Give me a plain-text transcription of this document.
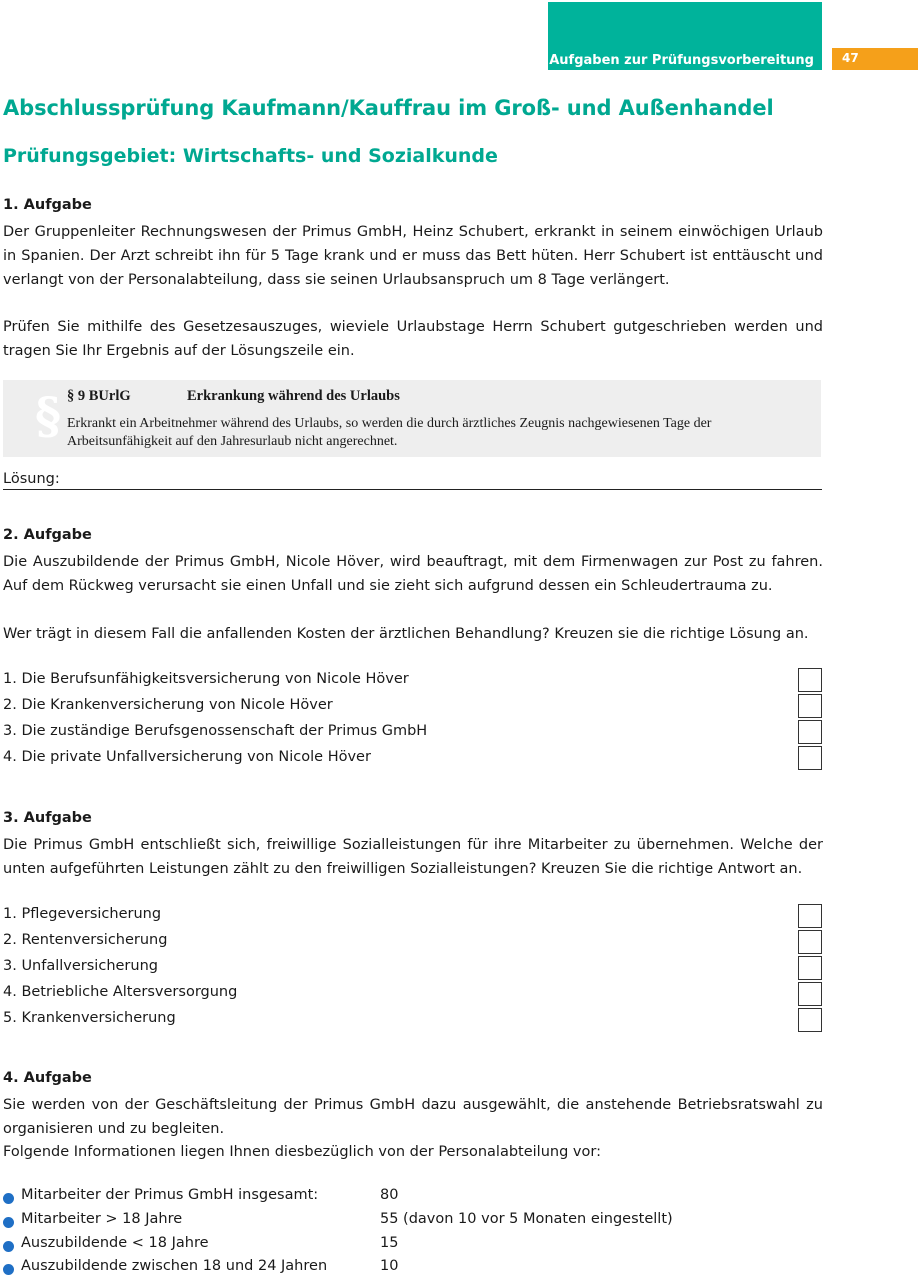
Aufgaben zur Prüfungsvorbereitung	47
Abschlussprüfung Kaufmann/Kauffrau im Groß- und Außenhandel
Prüfungsgebiet: Wirtschafts- und Sozialkunde
1. Aufgabe
Der Gruppenleiter Rechnungswesen der Primus GmbH, Heinz Schubert, erkrankt in seinem einwöchigen Urlaub in Spanien. Der Arzt schreibt ihn für 5 Tage krank und er muss das Bett hüten. Herr Schubert ist enttäuscht und verlangt von der Personalabteilung, dass sie seinen Urlaubsanspruch um 8 Tage verlängert.
Prüfen Sie mithilfe des Gesetzesauszuges, wieviele Urlaubstage Herrn Schubert gutgeschrieben werden und tragen Sie Ihr Ergebnis auf der Lösungszeile ein.
§ § 9 BUrlG	Erkrankung während des Urlaubs
Erkrankt ein Arbeitnehmer während des Urlaubs, so werden die durch ärztliches Zeugnis nachgewiesenen Tage der Arbeitsunfähigkeit auf den Jahresurlaub nicht angerechnet.
Lösung:
2. Aufgabe
Die Auszubildende der Primus GmbH, Nicole Höver, wird beauftragt, mit dem Firmenwagen zur Post zu fahren. Auf dem Rückweg verursacht sie einen Unfall und sie zieht sich aufgrund dessen ein Schleudertrauma zu.
Wer trägt in diesem Fall die anfallenden Kosten der ärztlichen Behandlung? Kreuzen sie die richtige Lösung an.
1. Die Berufsunfähigkeitsversicherung von Nicole Höver
2. Die Krankenversicherung von Nicole Höver
3. Die zuständige Berufsgenossenschaft der Primus GmbH
4. Die private Unfallversicherung von Nicole Höver
3. Aufgabe
Die Primus GmbH entschließt sich, freiwillige Sozialleistungen für ihre Mitarbeiter zu übernehmen. Welche der unten aufgeführten Leistungen zählt zu den freiwilligen Sozialleistungen? Kreuzen Sie die richtige Antwort an.
1. Pflegeversicherung
2. Rentenversicherung
3. Unfallversicherung
4. Betriebliche Altersversorgung
5. Krankenversicherung
4. Aufgabe
Sie werden von der Geschäftsleitung der Primus GmbH dazu ausgewählt, die anstehende Betriebsratswahl zu organisieren und zu begleiten.
Folgende Informationen liegen Ihnen diesbezüglich von der Personalabteilung vor:
Mitarbeiter der Primus GmbH insgesamt:	80
Mitarbeiter > 18 Jahre	55 (davon 10 vor 5 Monaten eingestellt)
Auszubildende < 18 Jahre	15
Auszubildende zwischen 18 und 24 Jahren	10
